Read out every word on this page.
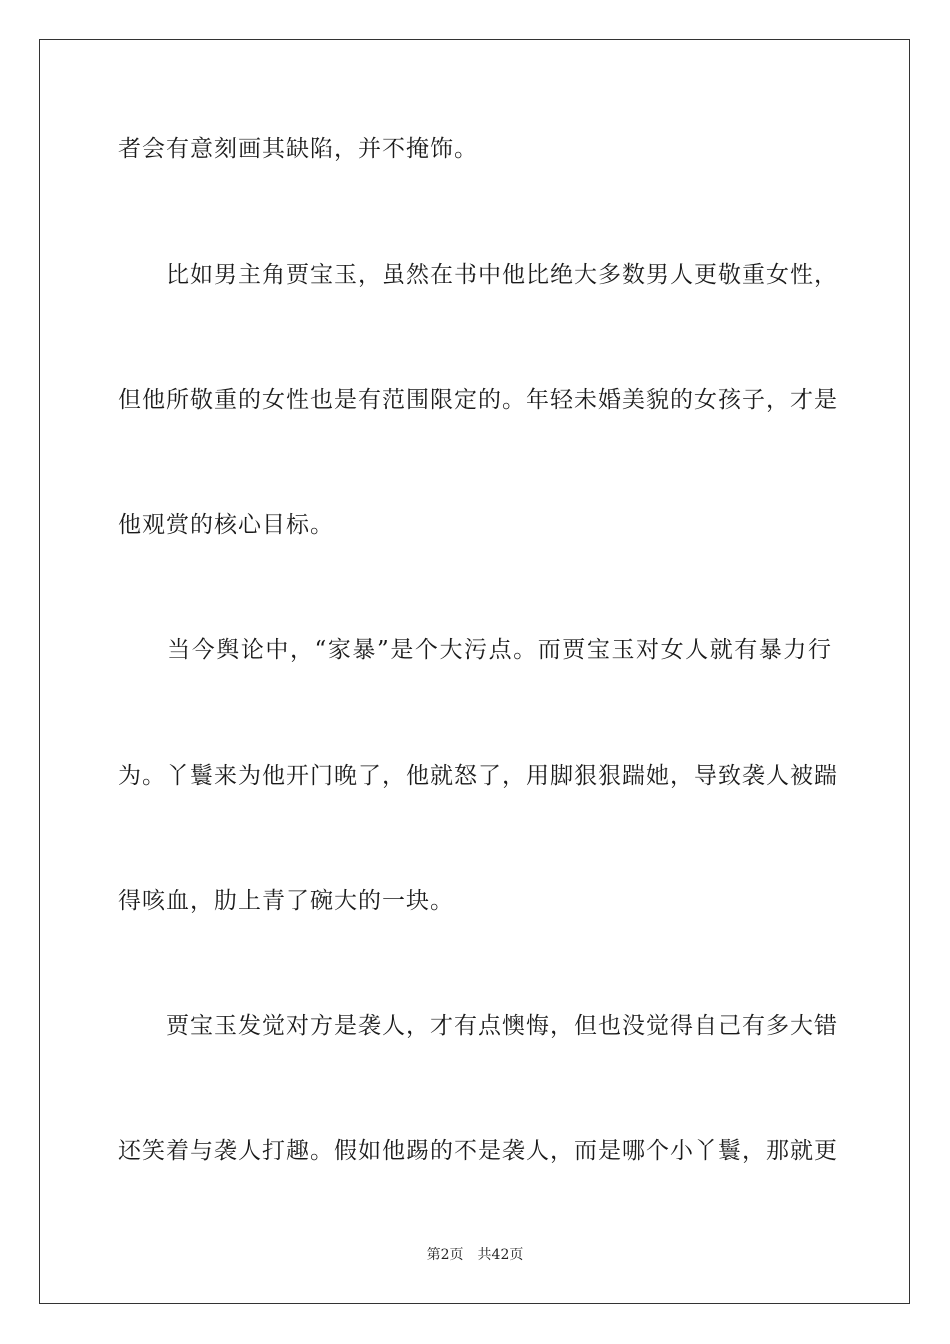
者会有意刻画其缺陷，并不掩饰。
　　比如男主角贾宝玉，虽然在书中他比绝大多数男人更敬重女性，
但他所敬重的女性也是有范围限定的。年轻未婚美貌的女孩子，才是
他观赏的核心目标。
　　当今舆论中，“家暴”是个大污点。而贾宝玉对女人就有暴力行
为。丫鬟来为他开门晚了，他就怒了，用脚狠狠踹她，导致袭人被踹
得咳血，肋上青了碗大的一块。
　　贾宝玉发觉对方是袭人，才有点懊悔，但也没觉得自己有多大错
还笑着与袭人打趣。假如他踢的不是袭人，而是哪个小丫鬟，那就更
第2页 共42页
